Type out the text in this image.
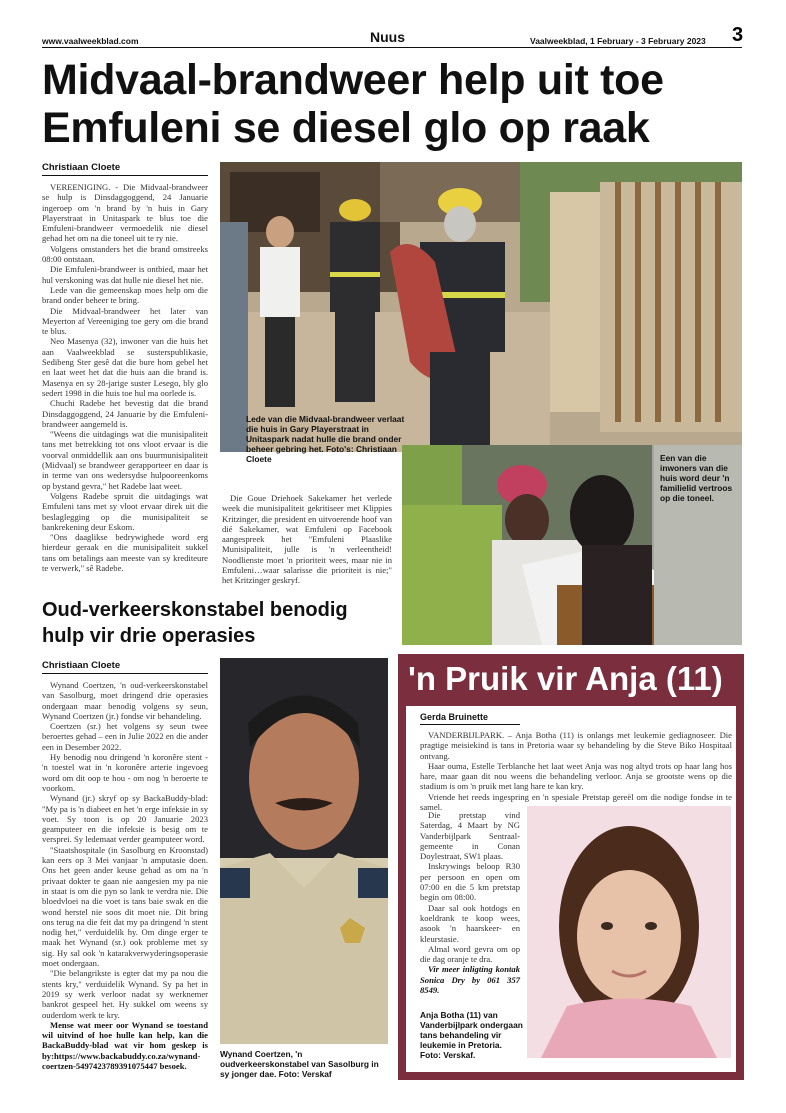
www.vaalweekblad.com	Nuus	Vaalweekblad, 1 February - 3 February 2023 3
Midvaal-brandweer help uit toe Emfuleni se diesel glo op raak
Christiaan Cloete

VEREENIGING. - Die Midvaal-brandweer se hulp is Dinsdaggoggend, 24 Januarie ingeroep om 'n brand by 'n huis in Gary Playerstraat in Unitaspark te blus toe die Emfuleni-brandweer vermoedelik nie diesel gehad het om na die toneel uit te ry nie.

Volgens omstanders het die brand omstreeks 08:00 ontstaan.

Die Emfuleni-brandweer is ontbied, maar het hul verskoning was dat hulle nie diesel het nie.

Lede van die gemeenskap moes help om die brand onder beheer te bring.

Die Midvaal-brandweer het later van Meyerton af Vereeniging toe gery om die brand te blus.

Neo Masenya (32), inwoner van die huis het aan Vaalweekblad se susterspublikasie, Sedibeng Ster gesê dat die bure hom gebel het en laat weet het dat die huis aan die brand is. Masenya en sy 28-jarige suster Lesego, bly glo sedert 1998 in die huis toe hul ma oorlede is.

Chuchi Radebe het bevestig dat die brand Dinsdaggoggend, 24 Januarie by die Emfuleni-brandweer aangemeld is.

"Weens die uitdagings wat die munisipaliteit tans met betrekking tot ons vloot ervaar is die voorval onmiddellik aan ons buurmunisipaliteit (Midvaal) se brandweer gerapporteer en daar is in terme van ons wedersydse hulpooreenkoms op bystand gevra," het Radebe laat weet.

Volgens Radebe spruit die uitdagings wat Emfuleni tans met sy vloot ervaar direk uit die beslaglegging op die munisipaliteit se bankrekening deur Eskom.

"Ons daaglikse bedrywighede word erg hierdeur geraak en die munisipaliteit sukkel tans om betalings aan meeste van sy krediteure te verwerk," sê Radebe.

Lede van die Midvaal-brandweer verlaat die huis in Gary Playerstraat in Unitaspark nadat hulle die brand onder beheer gebring het. Foto's: Christiaan Cloete	Een van die inwoners van die huis word deur 'n familielid vertroos op die toneel.

Die Goue Driehoek Sakekamer het verlede week die munisipaliteit gekritiseer met Klippies Kritzinger, die president en uitvoerende hoof van dié Sakekamer, wat Emfuleni op Facebook aangespreek het "Emfuleni Plaaslike Munisipaliteit, julle is 'n verleentheid! Noodlienste moet 'n prioriteit wees, maar nie in Emfuleni…waar salarisse die prioriteit is nie;" het Kritzinger geskryf.

Oud-verkeerskonstabel benodig hulp vir drie operasies
Christiaan Cloete

Wynand Coertzen, 'n oud-verkeerskonstabel van Sasolburg, moet dringend drie operasies ondergaan maar benodig volgens sy seun, Wynand Coertzen (jr.) fondse vir behandeling.

Coertzen (sr.) het volgens sy seun twee beroertes gehad – een in Julie 2022 en die ander een in Desember 2022.

Hy benodig nou dringend 'n koronêre stent - 'n toestel wat in 'n koronêre arterie ingevoeg word om dit oop te hou - om nog 'n beroerte te voorkom.

Wynand (jr.) skryf op sy BackaBuddy-blad: "My pa is 'n diabeet en het 'n erge infeksie in sy voet. Sy toon is op 20 Januarie 2023 geamputeer en die infeksie is besig om te versprei. Sy ledemaat verder geamputeer word.

"Staatshospitale (in Sasolburg en Kroonstad) kan eers op 3 Mei vanjaar 'n amputasie doen. Ons het geen ander keuse gehad as om na 'n privaat dokter te gaan nie aangesien my pa nie in staat is om die pyn so lank te verdra nie. Die bloedvloei na die voet is tans baie swak en die wond herstel nie soos dit moet nie. Dit bring ons terug na die feit dat my pa dringend 'n stent nodig het," verduidelik hy. Om dinge erger te maak het Wynand (sr.) ook probleme met sy sig. Hy sal ook 'n katarakverwyderingsoperasie moet ondergaan.

"Die belangrikste is egter dat my pa nou die stents kry," verduidelik Wynand. Sy pa het in 2019 sy werk verloor nadat sy werknemer bankrot gespeel het. Hy sukkel om weens sy ouderdom werk te kry.

Mense wat meer oor Wynand se toestand wil uitvind of hoe hulle kan help, kan die BackaBuddy-blad wat vir hom geskep is by:https://www.backabuddy.co.za/wynand-coertzen-5497423789391075447 besoek.

Wynand Coertzen, 'n oudverkeerskonstabel van Sasolburg in sy jonger dae. Foto: Verskaf
'n Pruik vir Anja (11)
Gerda Bruinette

VANDERBIJLPARK. – Anja Botha (11) is onlangs met leukemie gediagnoseer. Die pragtige meisiekind is tans in Pretoria waar sy behandeling by die Steve Biko Hospitaal ontvang.

Haar ouma, Estelle Terblanche het laat weet Anja was nog altyd trots op haar lang hos hare, maar gaan dit nou weens die behandeling verloor. Anja se grootste wens op die stadium is om 'n pruik met lang hare te kan kry.

Vriende het reeds ingespring en 'n spesiale Pretstap gereël om die nodige fondse in te samel.

Die pretstap vind Saterdag, 4 Maart by NG Vanderbijlpark Sentraal-gemeente in Conan Doylestraat, SW1 plaas.

Inskrywings beloop R30 per persoon en open om 07:00 en die 5 km pretstap begin om 08:00.

Daar sal ook hotdogs en koeldrank te koop wees, asook 'n haarskeer- en kleurstasie.

Almal word gevra om op die dag oranje te dra.

Vir meer inligting kontak Sonica Dry by 061 357 8549.

Anja Botha (11) van Vanderbijlpark ondergaan tans behandeling vir leukemie in Pretoria. Foto: Verskaf.
